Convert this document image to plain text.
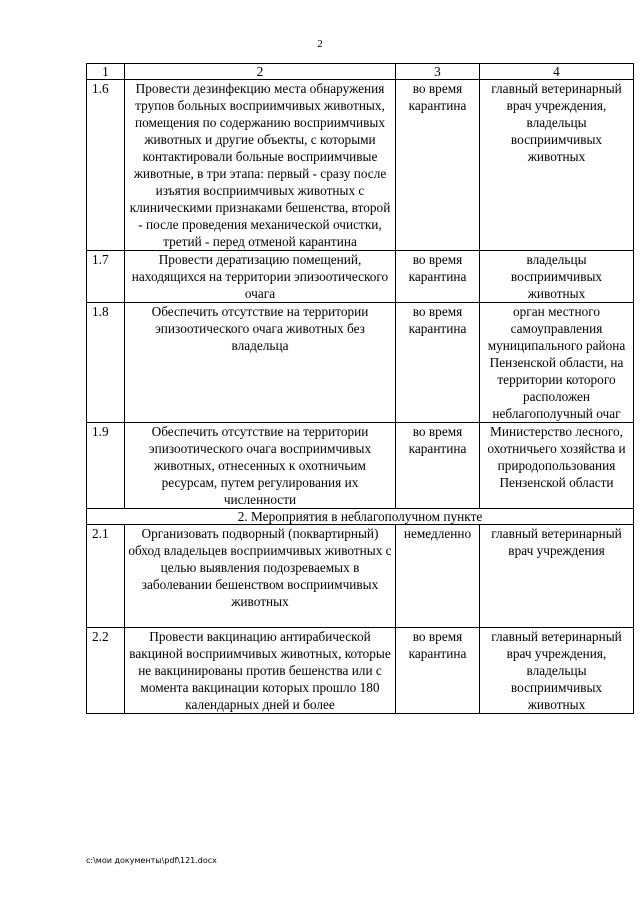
2
1	2	3	4
1.6	Провести дезинфекцию места обнаружения трупов больных восприимчивых животных, помещения по содержанию восприимчивых животных и другие объекты, с которыми контактировали больные восприимчивые животные, в три этапа: первый - сразу после изъятия восприимчивых животных с клиническими признаками бешенства, второй - после проведения механической очистки, третий - перед отменой карантина	во время карантина	главный ветеринарный врач учреждения, владельцы восприимчивых животных
1.7	Провести дератизацию помещений, находящихся на территории эпизоотического очага	во время карантина	владельцы восприимчивых животных
1.8	Обеспечить отсутствие на территории эпизоотического очага животных без владельца	во время карантина	орган местного самоуправления муниципального района Пензенской области, на территории которого расположен неблагополучный очаг
1.9	Обеспечить отсутствие на территории эпизоотического очага восприимчивых животных, отнесенных к охотничьим ресурсам, путем регулирования их численности	во время карантина	Министерство лесного, охотничьего хозяйства и природопользования Пензенской области
2. Мероприятия в неблагополучном пункте			
2.1	Организовать подворный (поквартирный) обход владельцев восприимчивых животных с целью выявления подозреваемых в заболевании бешенством восприимчивых животных	немедленно	главный ветеринарный врач учреждения
2.2	Провести вакцинацию антирабической вакциной восприимчивых животных, которые не вакцинированы против бешенства или с момента вакцинации которых прошло 180 календарных дней и более	во время карантина	главный ветеринарный врач учреждения, владельцы восприимчивых животных
c:\мои документы\pdf\121.docx
